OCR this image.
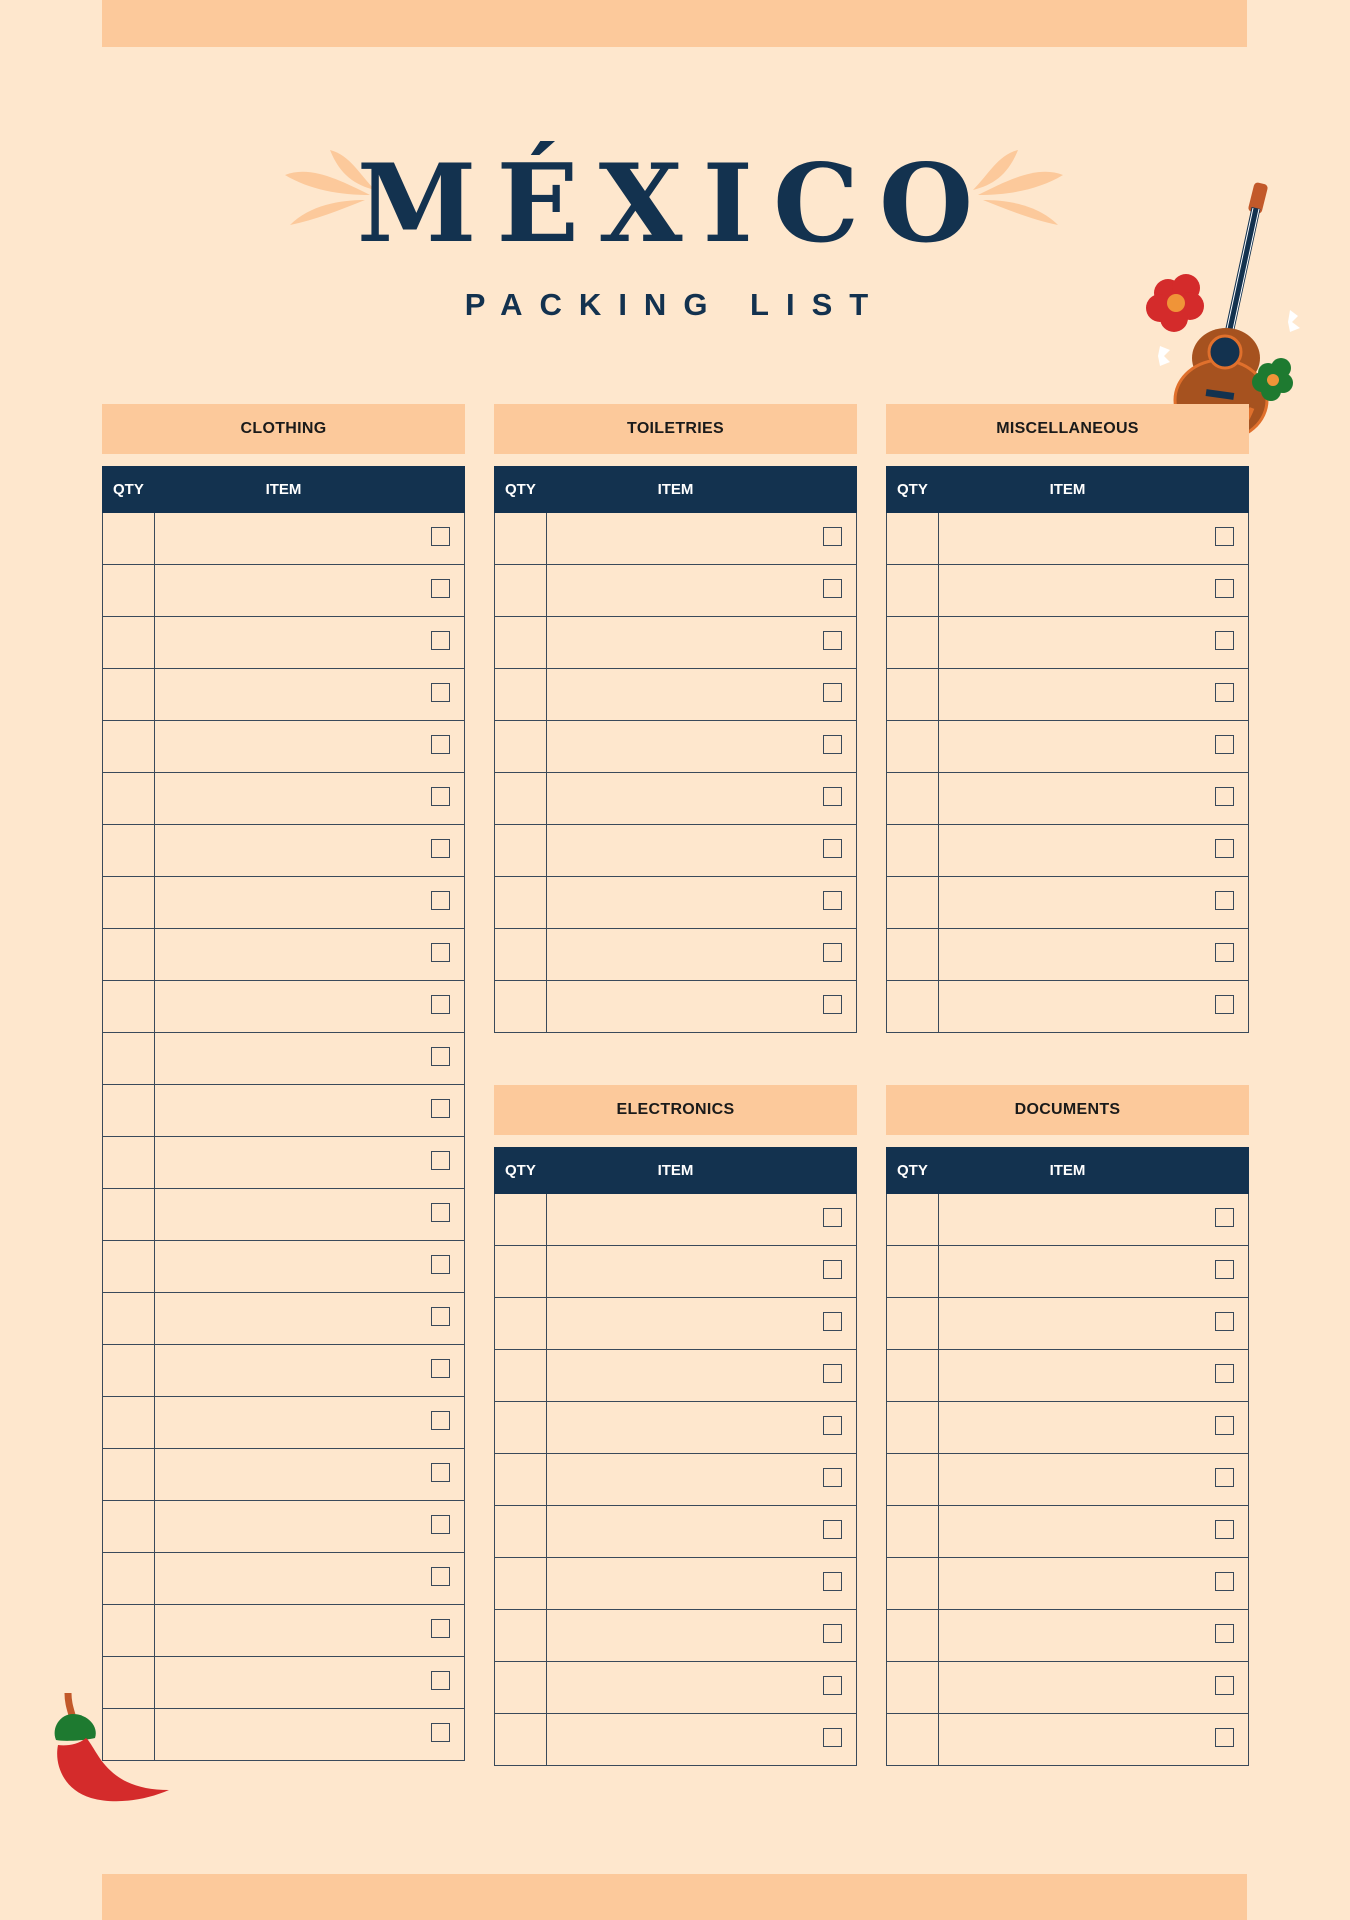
MÉXICO
PACKING LIST
CLOTHING
QTY	ITEM
TOILETRIES
QTY	ITEM
MISCELLANEOUS
QTY	ITEM
ELECTRONICS
QTY	ITEM
DOCUMENTS
QTY	ITEM
